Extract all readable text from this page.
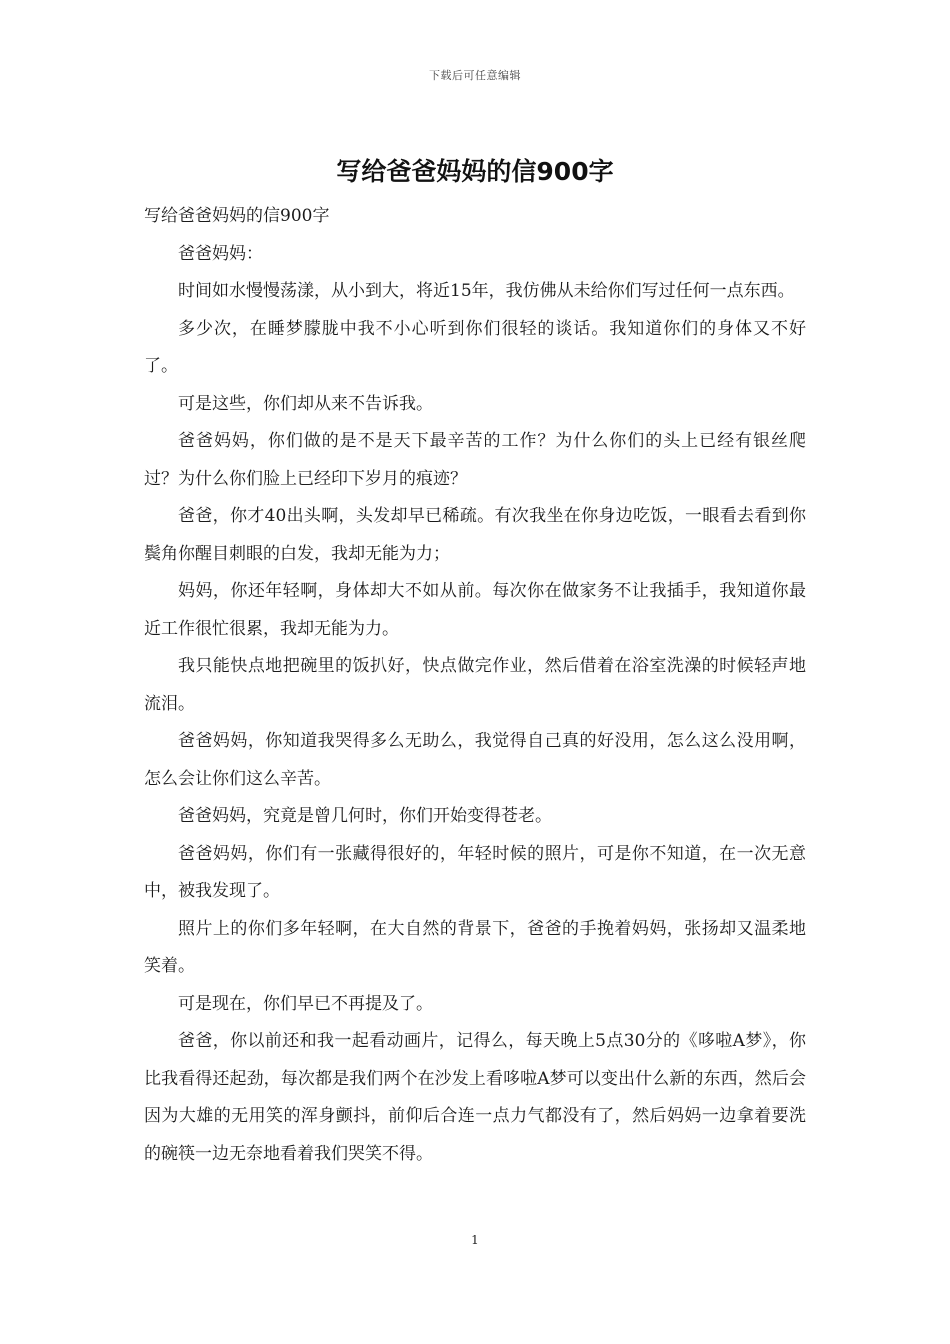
下载后可任意编辑
写给爸爸妈妈的信900字

写给爸爸妈妈的信900字

爸爸妈妈：

时间如水慢慢荡漾，从小到大，将近15年，我仿佛从未给你们写过任何一点东西。

多少次，在睡梦朦胧中我不小心听到你们很轻的谈话。我知道你们的身体又不好了。

可是这些，你们却从来不告诉我。

爸爸妈妈，你们做的是不是天下最辛苦的工作？为什么你们的头上已经有银丝爬过？为什么你们脸上已经印下岁月的痕迹？

爸爸，你才40出头啊，头发却早已稀疏。有次我坐在你身边吃饭，一眼看去看到你鬓角你醒目刺眼的白发，我却无能为力；

妈妈，你还年轻啊，身体却大不如从前。每次你在做家务不让我插手，我知道你最近工作很忙很累，我却无能为力。

我只能快点地把碗里的饭扒好，快点做完作业，然后借着在浴室洗澡的时候轻声地流泪。

爸爸妈妈，你知道我哭得多么无助么，我觉得自己真的好没用，怎么这么没用啊，怎么会让你们这么辛苦。

爸爸妈妈，究竟是曾几何时，你们开始变得苍老。

爸爸妈妈，你们有一张藏得很好的，年轻时候的照片，可是你不知道，在一次无意中，被我发现了。

照片上的你们多年轻啊，在大自然的背景下，爸爸的手挽着妈妈，张扬却又温柔地笑着。

可是现在，你们早已不再提及了。

爸爸，你以前还和我一起看动画片，记得么，每天晚上5点30分的《哆啦A梦》，你比我看得还起劲，每次都是我们两个在沙发上看哆啦A梦可以变出什么新的东西，然后会因为大雄的无用笑的浑身颤抖，前仰后合连一点力气都没有了，然后妈妈一边拿着要洗的碗筷一边无奈地看着我们哭笑不得。

1
